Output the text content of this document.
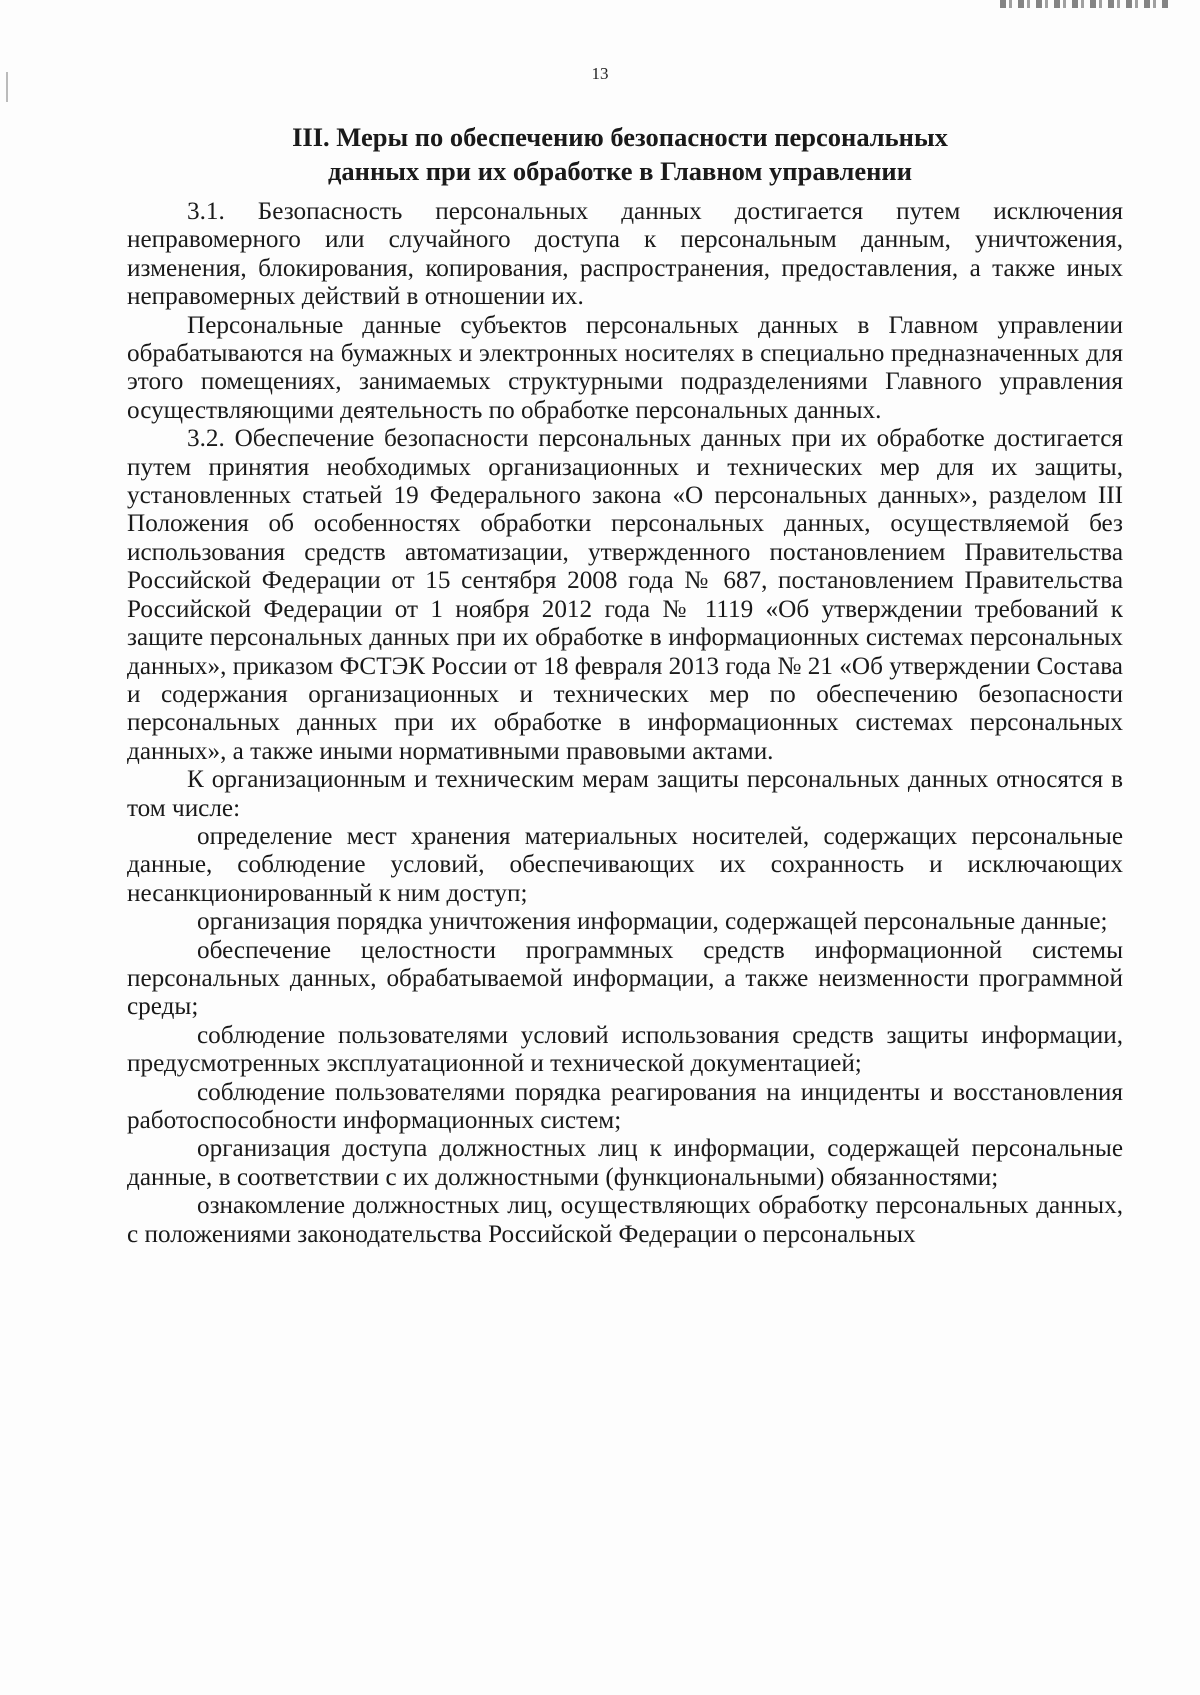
13
III. Меры по обеспечению безопасности персональных
данных при их обработке в Главном управлении

3.1. Безопасность персональных данных достигается путем исключения неправомерного или случайного доступа к персональным данным, уничтожения, изменения, блокирования, копирования, распространения, предоставления, а также иных неправомерных действий в отношении их.

Персональные данные субъектов персональных данных в Главном управлении обрабатываются на бумажных и электронных носителях в специально предназначенных для этого помещениях, занимаемых структурными подразделениями Главного управления осуществляющими деятельность по обработке персональных данных.

3.2. Обеспечение безопасности персональных данных при их обработке достигается путем принятия необходимых организационных и технических мер для их защиты, установленных статьей 19 Федерального закона «О персональных данных», разделом III Положения об особенностях обработки персональных данных, осуществляемой без использования средств автоматизации, утвержденного постановлением Правительства Российской Федерации от 15 сентября 2008 года № 687, постановлением Правительства Российской Федерации от 1 ноября 2012 года № 1119 «Об утверждении требований к защите персональных данных при их обработке в информационных системах персональных данных», приказом ФСТЭК России от 18 февраля 2013 года № 21 «Об утверждении Состава и содержания организационных и технических мер по обеспечению безопасности персональных данных при их обработке в информационных системах персональных данных», а также иными нормативными правовыми актами.

К организационным и техническим мерам защиты персональных данных относятся в том числе:

определение мест хранения материальных носителей, содержащих персональные данные, соблюдение условий, обеспечивающих их сохранность и исключающих несанкционированный к ним доступ;

организация порядка уничтожения информации, содержащей персональные данные;

обеспечение целостности программных средств информационной системы персональных данных, обрабатываемой информации, а также неизменности программной среды;

соблюдение пользователями условий использования средств защиты информации, предусмотренных эксплуатационной и технической документацией;

соблюдение пользователями порядка реагирования на инциденты и восстановления работоспособности информационных систем;

организация доступа должностных лиц к информации, содержащей персональные данные, в соответствии с их должностными (функциональными) обязанностями;

ознакомление должностных лиц, осуществляющих обработку персональных данных, с положениями законодательства Российской Федерации о персональных
